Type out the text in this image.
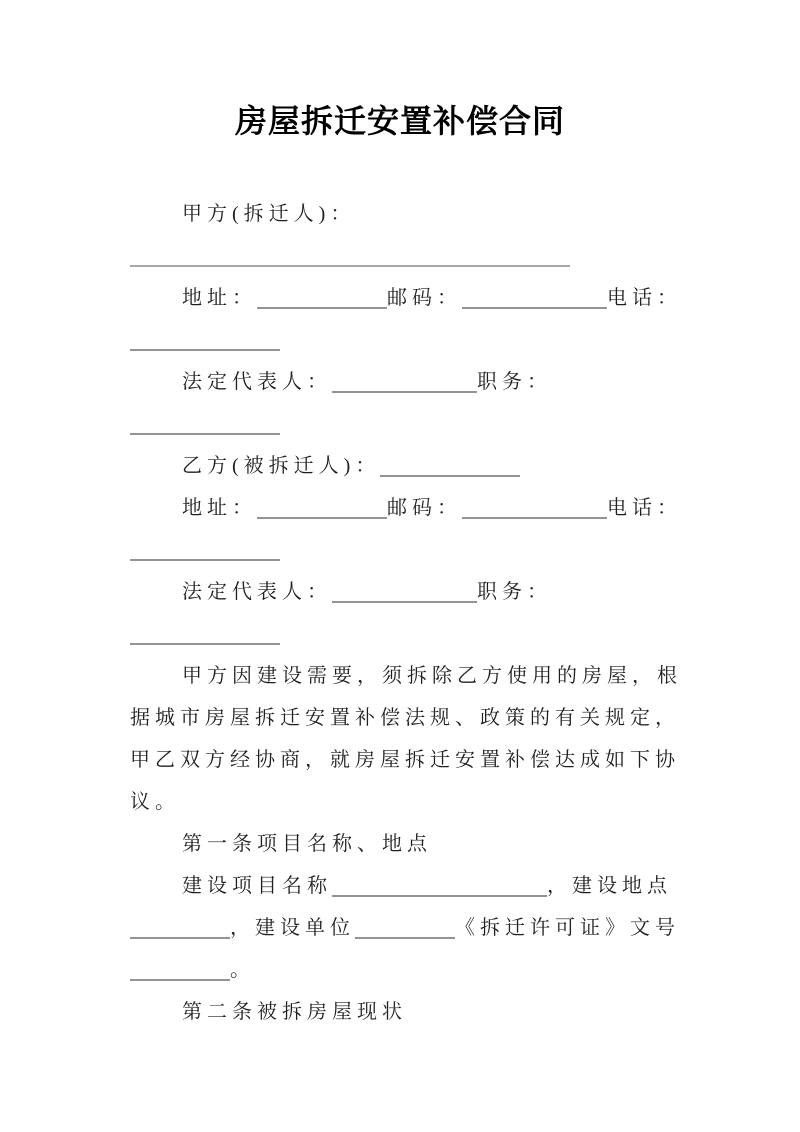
房屋拆迁安置补偿合同
甲方(拆迁人)：
地址：	邮码：	电话：
法定代表人：	职务：
乙方(被拆迁人)：
地址：	邮码：	电话：
法定代表人：	职务：
甲方因建设需要，须拆除乙方使用的房屋，根
据城市房屋拆迁安置补偿法规、政策的有关规定，
甲乙双方经协商，就房屋拆迁安置补偿达成如下协
议。
第一条项目名称、地点
建设项目名称	，建设地点
，建设单位	《拆迁许可证》文号
。
第二条被拆房屋现状
